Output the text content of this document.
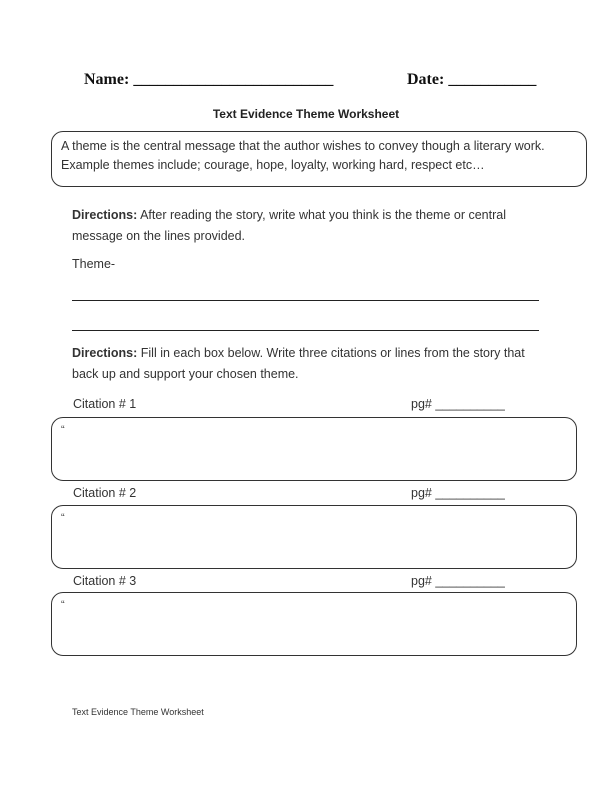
Name: _________________________	Date: ___________
Text Evidence Theme Worksheet
A theme is the central message that the author wishes to convey though a literary work. Example themes include; courage, hope, loyalty, working hard, respect etc…
Directions: After reading the story, write what you think is the theme or central message on the lines provided.
Theme-
Directions: Fill in each box below. Write three citations or lines from the story that back up and support your chosen theme.
Citation # 1	pg# __________
“
Citation # 2	pg# __________
“
Citation # 3	pg# __________
“
Text Evidence Theme Worksheet
